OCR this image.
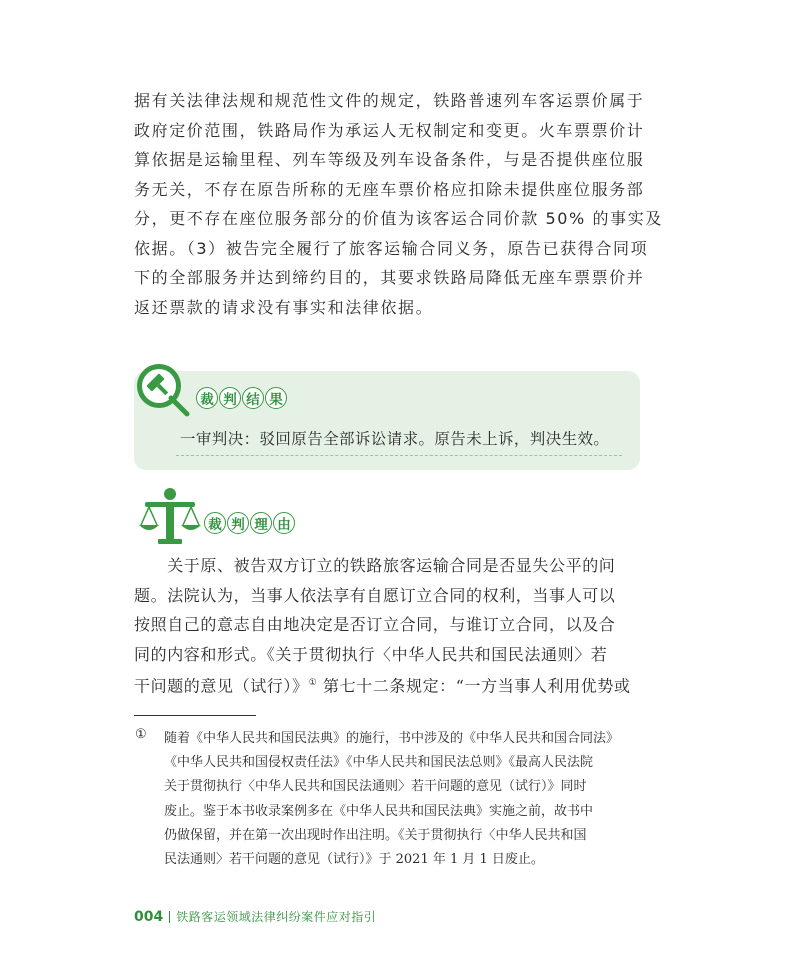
据有关法律法规和规范性文件的规定，铁路普速列车客运票价属于
政府定价范围，铁路局作为承运人无权制定和变更。火车票票价计
算依据是运输里程、列车等级及列车设备条件，与是否提供座位服
务无关，不存在原告所称的无座车票价格应扣除未提供座位服务部
分，更不存在座位服务部分的价值为该客运合同价款 50% 的事实及
依据。（3）被告完全履行了旅客运输合同义务，原告已获得合同项
下的全部服务并达到缔约目的，其要求铁路局降低无座车票票价并
返还票款的请求没有事实和法律依据。
裁 判 结 果
一审判决：驳回原告全部诉讼请求。原告未上诉，判决生效。
裁 判 理 由
　　关于原、被告双方订立的铁路旅客运输合同是否显失公平的问
题。法院认为，当事人依法享有自愿订立合同的权利，当事人可以
按照自己的意志自由地决定是否订立合同，与谁订立合同，以及合
同的内容和形式。《关于贯彻执行〈中华人民共和国民法通则〉若
干问题的意见（试行）》① 第七十二条规定：“一方当事人利用优势或
① 随着《中华人民共和国民法典》的施行，书中涉及的《中华人民共和国合同法》
《中华人民共和国侵权责任法》《中华人民共和国民法总则》《最高人民法院
关于贯彻执行〈中华人民共和国民法通则〉若干问题的意见（试行）》同时
废止。鉴于本书收录案例多在《中华人民共和国民法典》实施之前，故书中
仍做保留，并在第一次出现时作出注明。《关于贯彻执行〈中华人民共和国
民法通则〉若干问题的意见（试行）》于 2021 年 1 月 1 日废止。
004 铁路客运领域法律纠纷案件应对指引
